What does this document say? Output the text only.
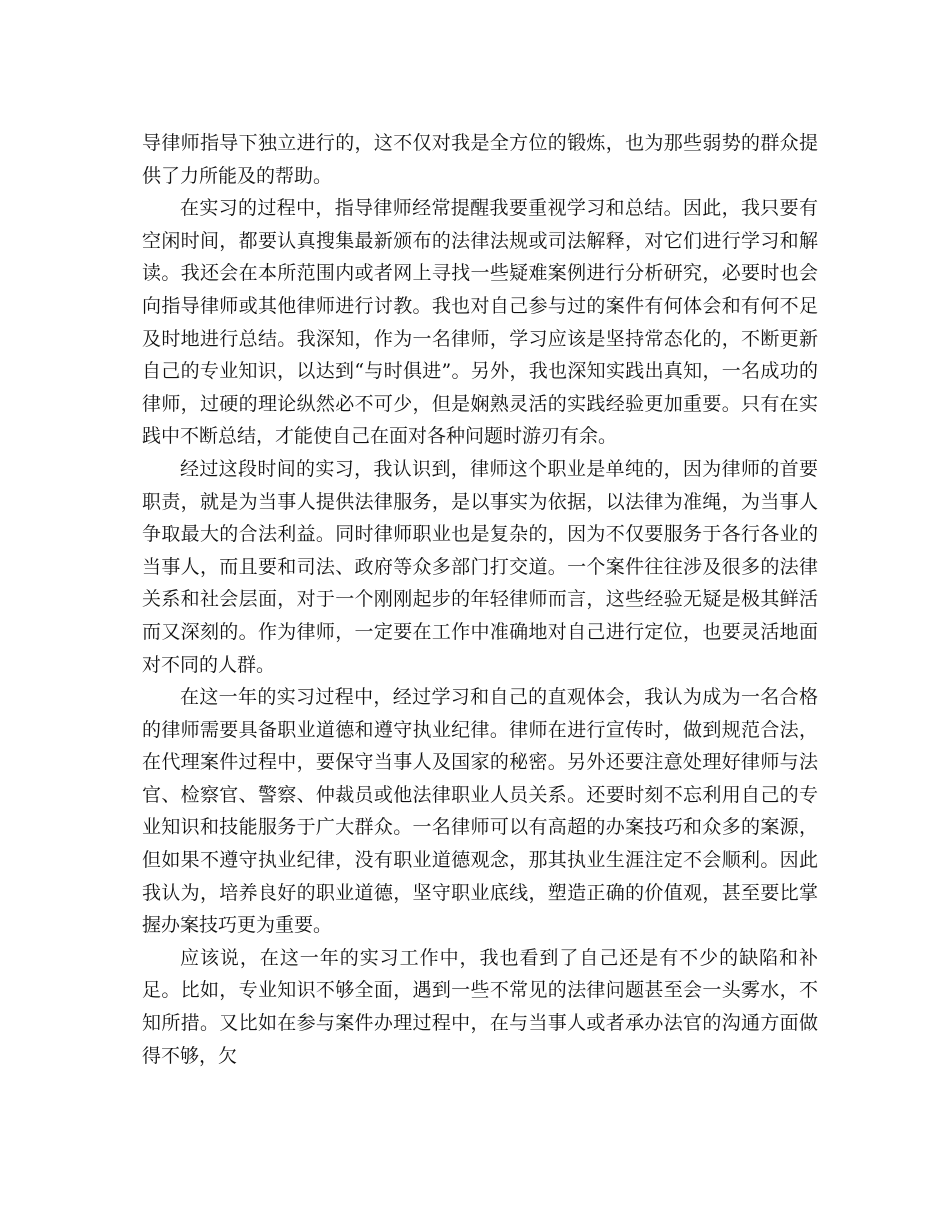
导律师指导下独立进行的，这不仅对我是全方位的锻炼，也为那些弱势的群众提供了力所能及的帮助。

在实习的过程中，指导律师经常提醒我要重视学习和总结。因此，我只要有空闲时间，都要认真搜集最新颁布的法律法规或司法解释，对它们进行学习和解读。我还会在本所范围内或者网上寻找一些疑难案例进行分析研究，必要时也会向指导律师或其他律师进行讨教。我也对自己参与过的案件有何体会和有何不足及时地进行总结。我深知，作为一名律师，学习应该是坚持常态化的，不断更新自己的专业知识，以达到“与时俱进”。另外，我也深知实践出真知，一名成功的律师，过硬的理论纵然必不可少，但是娴熟灵活的实践经验更加重要。只有在实践中不断总结，才能使自己在面对各种问题时游刃有余。

经过这段时间的实习，我认识到，律师这个职业是单纯的，因为律师的首要职责，就是为当事人提供法律服务，是以事实为依据，以法律为准绳，为当事人争取最大的合法利益。同时律师职业也是复杂的，因为不仅要服务于各行各业的当事人，而且要和司法、政府等众多部门打交道。一个案件往往涉及很多的法律关系和社会层面，对于一个刚刚起步的年轻律师而言，这些经验无疑是极其鲜活而又深刻的。作为律师，一定要在工作中准确地对自己进行定位，也要灵活地面对不同的人群。

在这一年的实习过程中，经过学习和自己的直观体会，我认为成为一名合格的律师需要具备职业道德和遵守执业纪律。律师在进行宣传时，做到规范合法，在代理案件过程中，要保守当事人及国家的秘密。另外还要注意处理好律师与法官、检察官、警察、仲裁员或他法律职业人员关系。还要时刻不忘利用自己的专业知识和技能服务于广大群众。一名律师可以有高超的办案技巧和众多的案源，但如果不遵守执业纪律，没有职业道德观念，那其执业生涯注定不会顺利。因此我认为，培养良好的职业道德，坚守职业底线，塑造正确的价值观，甚至要比掌握办案技巧更为重要。

应该说，在这一年的实习工作中，我也看到了自己还是有不少的缺陷和补足。比如，专业知识不够全面，遇到一些不常见的法律问题甚至会一头雾水，不知所措。又比如在参与案件办理过程中，在与当事人或者承办法官的沟通方面做得不够，欠
